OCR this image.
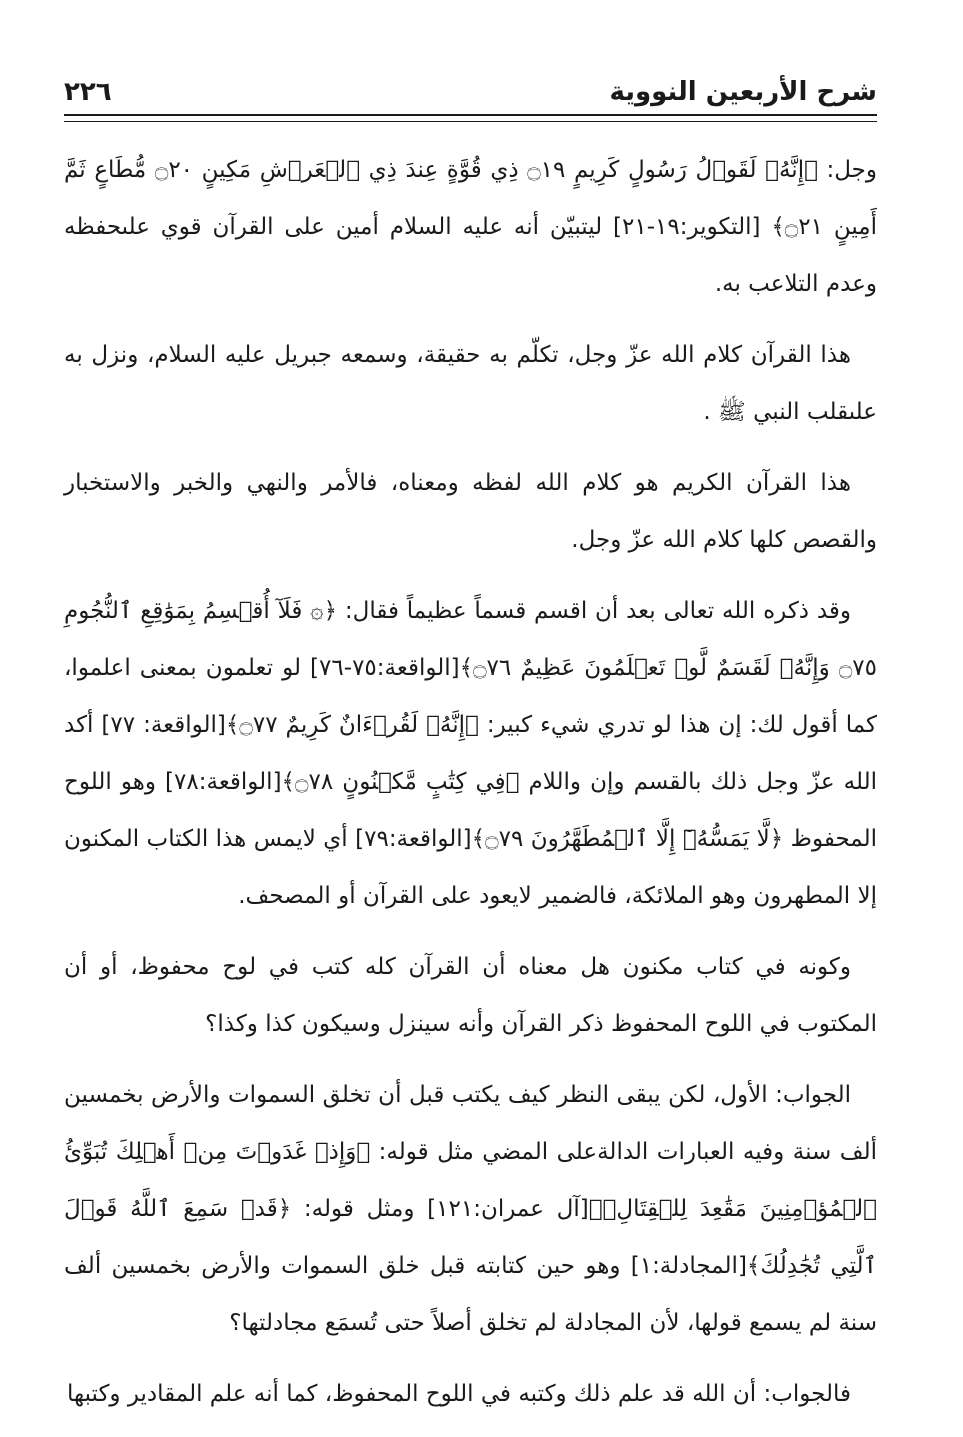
شرح الأربعين النووية
٢٢٦

وجل: ﴿إِنَّهُۥ لَقَوۡلُ رَسُولٍ كَرِيمٍ ۝١٩ ذِي قُوَّةٍ عِندَ ذِي ٱلۡعَرۡشِ مَكِينٍ ۝٢٠ مُّطَاعٍ ثَمَّ أَمِينٍ ۝٢١﴾ [التكوير:١٩-٢١] ليتبيّن أنه عليه السلام أمين على القرآن قوي علىحفظه وعدم التلاعب به.

هذا القرآن كلام الله عزّ وجل، تكلّم به حقيقة، وسمعه جبريل عليه السلام، ونزل به علىقلب النبي ﷺ .

هذا القرآن الكريم هو كلام الله لفظه ومعناه، فالأمر والنهي والخبر والاستخبار والقصص كلها كلام الله عزّ وجل.

وقد ذكره الله تعالى بعد أن اقسم قسماً عظيماً فقال: ﴿۞ فَلَآ أُقۡسِمُ بِمَوَٰقِعِ ٱلنُّجُومِ ۝٧٥ وَإِنَّهُۥ لَقَسَمٌ لَّوۡ تَعۡلَمُونَ عَظِيمٌ ۝٧٦﴾[الواقعة:٧٥-٧٦] لو تعلمون بمعنى اعلموا، كما أقول لك: إن هذا لو تدري شيء كبير: ﴿إِنَّهُۥ لَقُرۡءَانٌ كَرِيمٌ ۝٧٧﴾[الواقعة: ٧٧] أكد الله عزّ وجل ذلك بالقسم وإن واللام ﴿فِي كِتَٰبٍ مَّكۡنُونٍ ۝٧٨﴾[الواقعة:٧٨] وهو اللوح المحفوظ ﴿لَّا يَمَسُّهُۥٓ إِلَّا ٱلۡمُطَهَّرُونَ ۝٧٩﴾[الواقعة:٧٩] أي لايمس هذا الكتاب المكنون إلا المطهرون وهو الملائكة، فالضمير لايعود على القرآن أو المصحف.

وكونه في كتاب مكنون هل معناه أن القرآن كله كتب في لوح محفوظ، أو أن المكتوب في اللوح المحفوظ ذكر القرآن وأنه سينزل وسيكون كذا وكذا؟

الجواب: الأول، لكن يبقى النظر كيف يكتب قبل أن تخلق السموات والأرض بخمسين ألف سنة وفيه العبارات الدالةعلى المضي مثل قوله: ﴿وَإِذۡ غَدَوۡتَ مِنۡ أَهۡلِكَ تُبَوِّئُ ٱلۡمُؤۡمِنِينَ مَقَٰعِدَ لِلۡقِتَالِۗ﴾[آل عمران:١٢١] ومثل قوله: ﴿قَدۡ سَمِعَ ٱللَّهُ قَوۡلَ ٱلَّتِي تُجَٰدِلُكَ﴾[المجادلة:١] وهو حين كتابته قبل خلق السموات والأرض بخمسين ألف سنة لم يسمع قولها، لأن المجادلة لم تخلق أصلاً حتى تُسمَع مجادلتها؟

فالجواب: أن الله قد علم ذلك وكتبه في اللوح المحفوظ، كما أنه علم المقادير وكتبها
